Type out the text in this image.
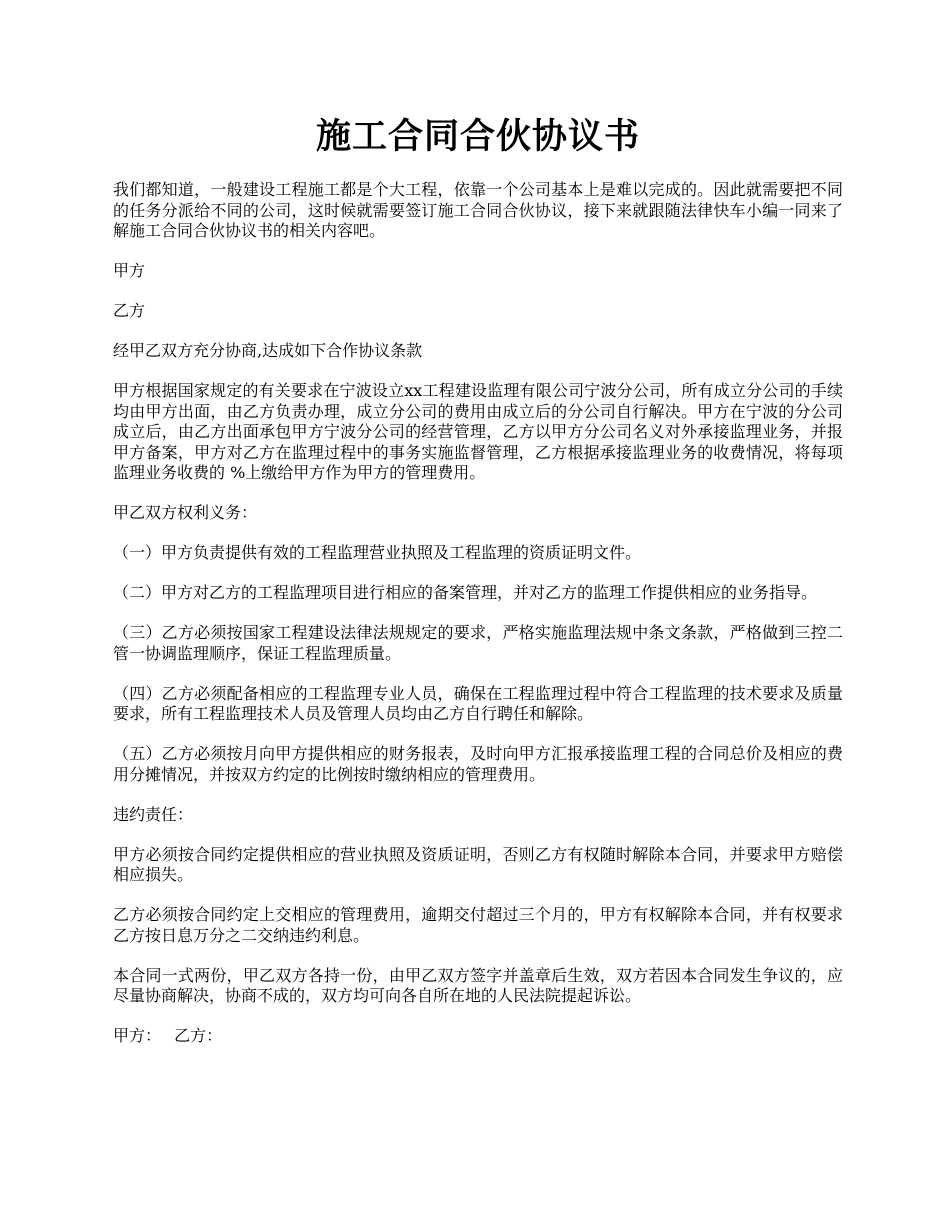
施工合同合伙协议书

我们都知道，一般建设工程施工都是个大工程，依靠一个公司基本上是难以完成的。因此就需要把不同的任务分派给不同的公司，这时候就需要签订施工合同合伙协议，接下来就跟随法律快车小编一同来了解施工合同合伙协议书的相关内容吧。

甲方

乙方

经甲乙双方充分协商,达成如下合作协议条款

甲方根据国家规定的有关要求在宁波设立xx工程建设监理有限公司宁波分公司，所有成立分公司的手续均由甲方出面，由乙方负责办理，成立分公司的费用由成立后的分公司自行解决。甲方在宁波的分公司成立后，由乙方出面承包甲方宁波分公司的经营管理，乙方以甲方分公司名义对外承接监理业务，并报甲方备案，甲方对乙方在监理过程中的事务实施监督管理，乙方根据承接监理业务的收费情况，将每项监理业务收费的 %上缴给甲方作为甲方的管理费用。

甲乙双方权利义务：

（一）甲方负责提供有效的工程监理营业执照及工程监理的资质证明文件。

（二）甲方对乙方的工程监理项目进行相应的备案管理，并对乙方的监理工作提供相应的业务指导。

（三）乙方必须按国家工程建设法律法规规定的要求，严格实施监理法规中条文条款，严格做到三控二管一协调监理顺序，保证工程监理质量。

（四）乙方必须配备相应的工程监理专业人员，确保在工程监理过程中符合工程监理的技术要求及质量要求，所有工程监理技术人员及管理人员均由乙方自行聘任和解除。

（五）乙方必须按月向甲方提供相应的财务报表，及时向甲方汇报承接监理工程的合同总价及相应的费用分摊情况，并按双方约定的比例按时缴纳相应的管理费用。

违约责任：

甲方必须按合同约定提供相应的营业执照及资质证明，否则乙方有权随时解除本合同，并要求甲方赔偿相应损失。

乙方必须按合同约定上交相应的管理费用，逾期交付超过三个月的，甲方有权解除本合同，并有权要求乙方按日息万分之二交纳违约利息。

本合同一式两份，甲乙双方各持一份，由甲乙双方签字并盖章后生效，双方若因本合同发生争议的，应尽量协商解决，协商不成的，双方均可向各自所在地的人民法院提起诉讼。

甲方： 乙方：
